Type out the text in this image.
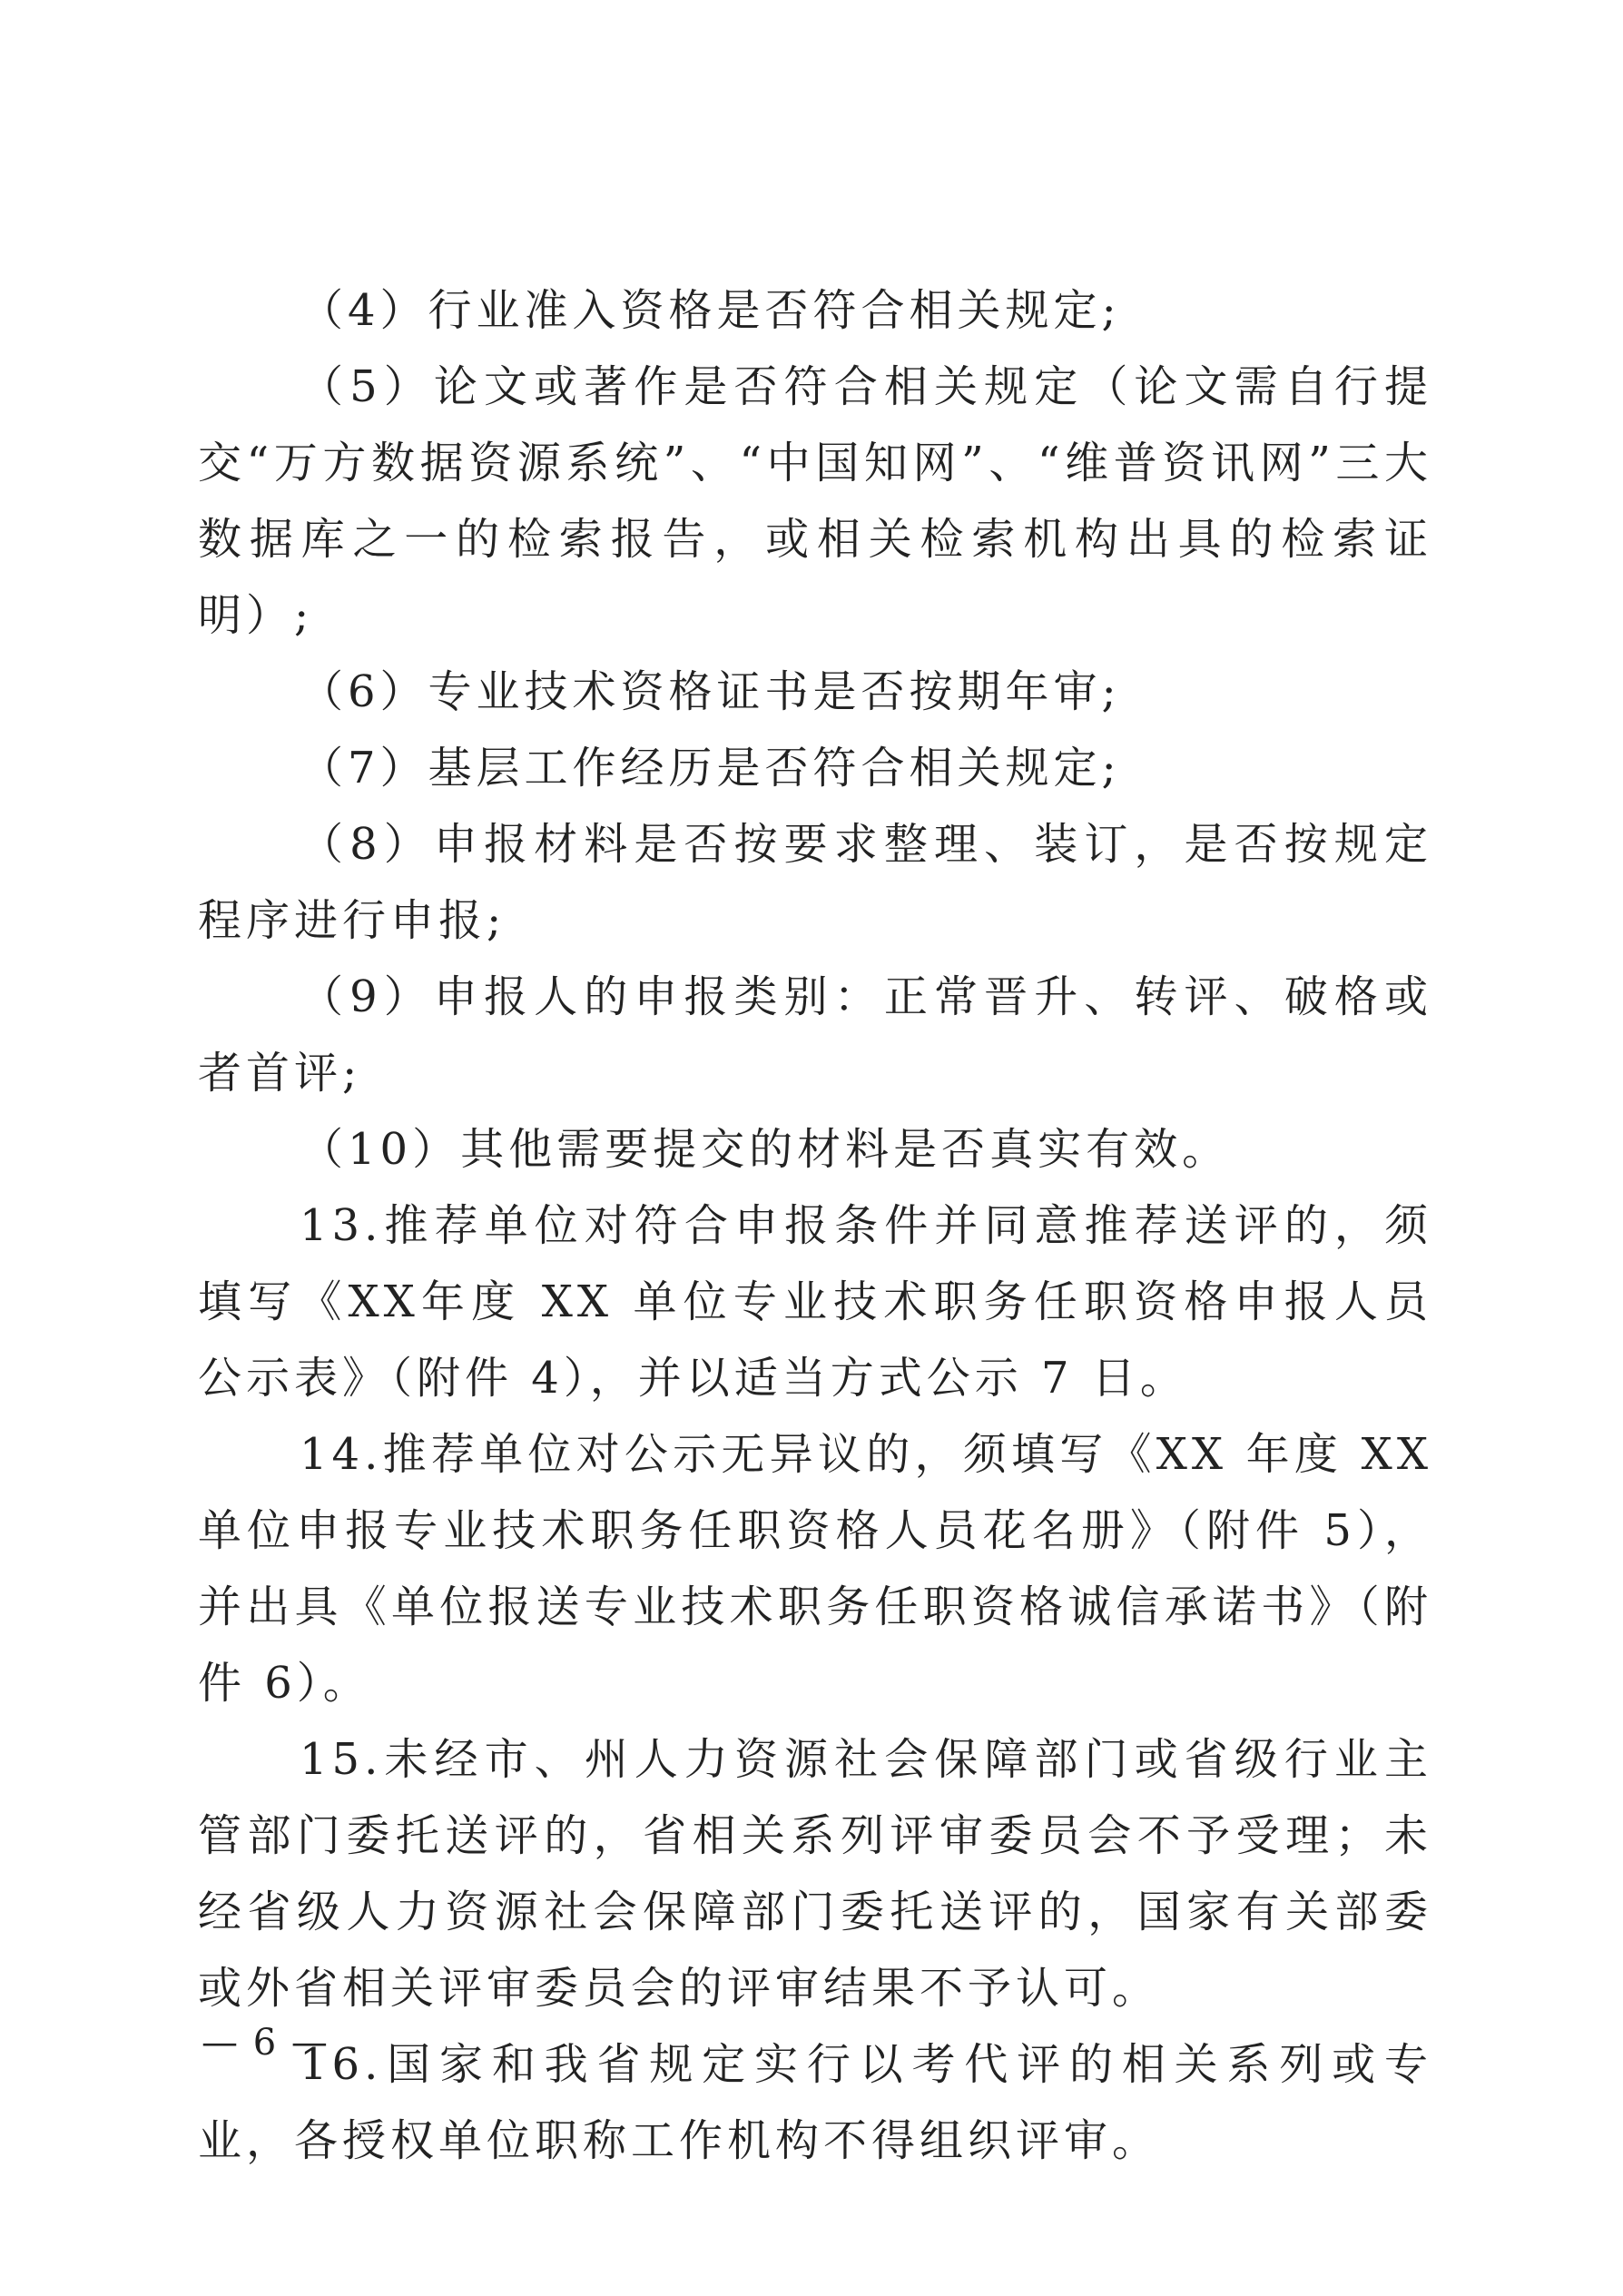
（4）行业准入资格是否符合相关规定;

（5）论文或著作是否符合相关规定（论文需自行提交“万方数据资源系统”、“中国知网”、“维普资讯网”三大数据库之一的检索报告，或相关检索机构出具的检索证明）;

（6）专业技术资格证书是否按期年审;

（7）基层工作经历是否符合相关规定;

（8）申报材料是否按要求整理、装订，是否按规定程序进行申报;

（9）申报人的申报类别：正常晋升、转评、破格或者首评;

（10）其他需要提交的材料是否真实有效。

13.推荐单位对符合申报条件并同意推荐送评的，须填写《XX年度 XX 单位专业技术职务任职资格申报人员公示表》（附件 4），并以适当方式公示 7 日。

14.推荐单位对公示无异议的，须填写《XX 年度 XX 单位申报专业技术职务任职资格人员花名册》（附件 5），并出具《单位报送专业技术职务任职资格诚信承诺书》（附件 6）。

15.未经市、州人力资源社会保障部门或省级行业主管部门委托送评的，省相关系列评审委员会不予受理；未经省级人力资源社会保障部门委托送评的，国家有关部委或外省相关评审委员会的评审结果不予认可。

16.国家和我省规定实行以考代评的相关系列或专业，各授权单位职称工作机构不得组织评审。

— 6 —
